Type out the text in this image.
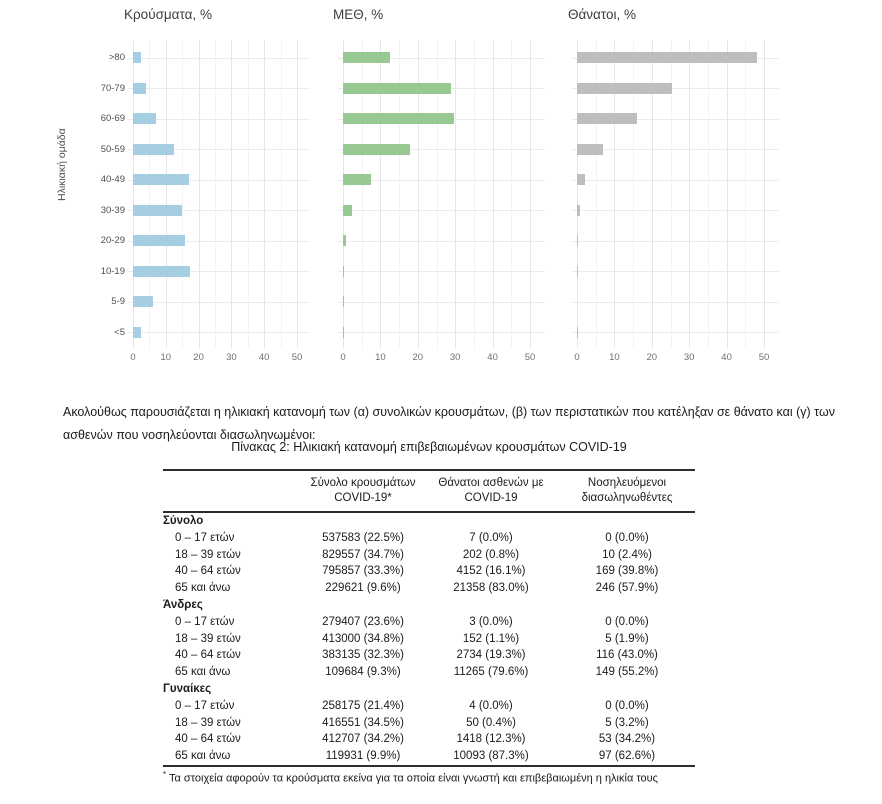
Κρούσματα, %	ΜΕΘ, %	Θάνατοι, %
Ηλικιακή ομάδα
0	10	20	30	40	50
>80
70-79
60-69
50-59
40-49
30-39
20-29
10-19
5-9
<5
0	10	20	30	40	50	0	10	20	30	40	50

Ακολούθως παρουσιάζεται η ηλικιακή κατανομή των (α) συνολικών κρουσμάτων, (β) των περιστατικών που κατέληξαν σε θάνατο και (γ) των ασθενών που νοσηλεύονται διασωληνωμένοι:

Πίνακας 2: Ηλικιακή κατανομή επιβεβαιωμένων κρουσμάτων COVID-19

Σύνολο κρουσμάτων
COVID-19*

Θάνατοι ασθενών με
COVID-19

Νοσηλευόμενοι
διασωληνωθέντες

Σύνολο			
0 – 17 ετών	537583 (22.5%)	7 (0.0%)	0 (0.0%)
18 – 39 ετών	829557 (34.7%)	202 (0.8%)	10 (2.4%)
40 – 64 ετών	795857 (33.3%)	4152 (16.1%)	169 (39.8%)
65 και άνω	229621 (9.6%)	21358 (83.0%)	246 (57.9%)
Άνδρες			
0 – 17 ετών	279407 (23.6%)	3 (0.0%)	0 (0.0%)
18 – 39 ετών	413000 (34.8%)	152 (1.1%)	5 (1.9%)
40 – 64 ετών	383135 (32.3%)	2734 (19.3%)	116 (43.0%)
65 και άνω	109684 (9.3%)	11265 (79.6%)	149 (55.2%)
Γυναίκες			
0 – 17 ετών	258175 (21.4%)	4 (0.0%)	0 (0.0%)
18 – 39 ετών	416551 (34.5%)	50 (0.4%)	5 (3.2%)
40 – 64 ετών	412707 (34.2%)	1418 (12.3%)	53 (34.2%)
65 και άνω	119931 (9.9%)	10093 (87.3%)	97 (62.6%)
* Τα στοιχεία αφορούν τα κρούσματα εκείνα για τα οποία είναι γνωστή και επιβεβαιωμένη η ηλικία τους
